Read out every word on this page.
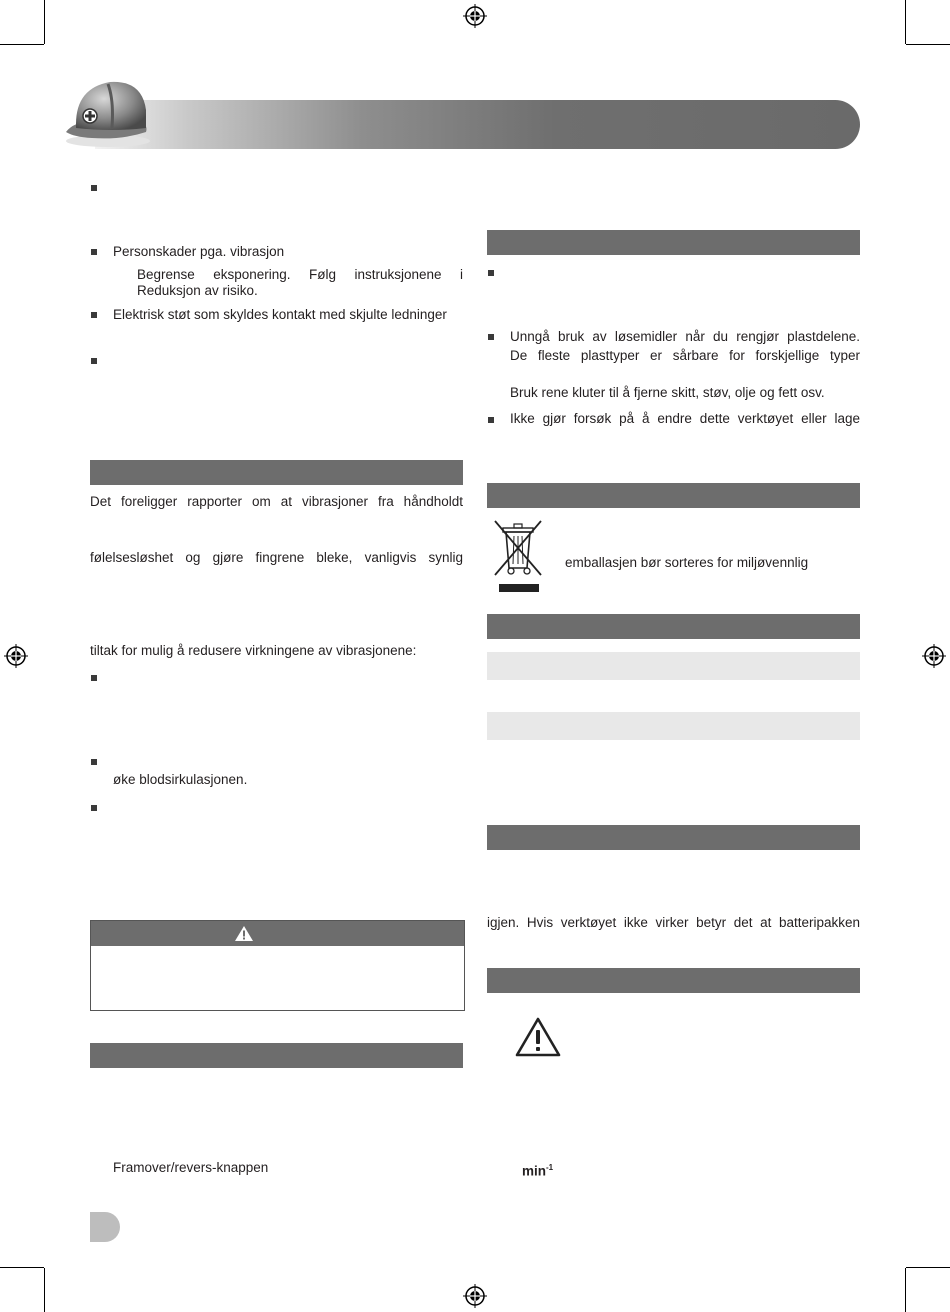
Personskader pga. vibrasjon
Begrense eksponering. Følg instruksjonene i
Reduksjon av risiko.
Elektrisk støt som skyldes kontakt med skjulte ledninger
Det foreligger rapporter om at vibrasjoner fra håndholdt
følelsesløshet og gjøre fingrene bleke, vanligvis synlig
tiltak for mulig å redusere virkningene av vibrasjonene:
øke blodsirkulasjonen.
Framover/revers-knappen
Unngå bruk av løsemidler når du rengjør plastdelene.
De fleste plasttyper er sårbare for forskjellige typer
Bruk rene kluter til å fjerne skitt, støv, olje og fett osv.
Ikke gjør forsøk på å endre dette verktøyet eller lage
emballasjen bør sorteres for miljøvennlig
igjen. Hvis verktøyet ikke virker betyr det at batteripakken
$\min^{-1}$
